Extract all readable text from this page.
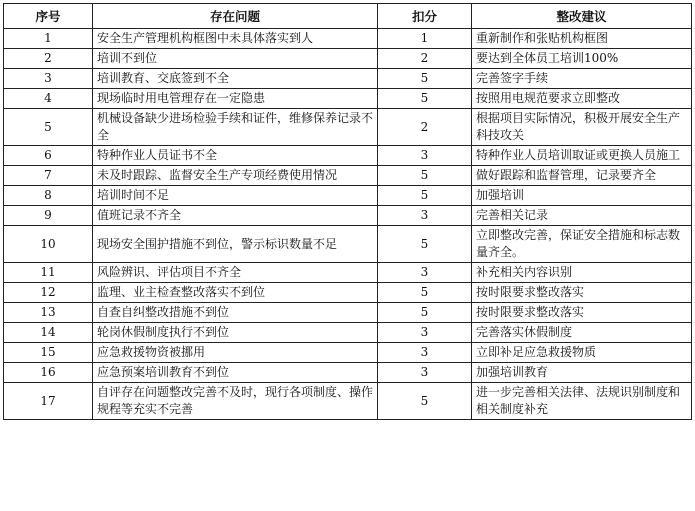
序号	存在问题	扣分	整改建议
1	安全生产管理机构框图中未具体落实到人	1	重新制作和张贴机构框图
2	培训不到位	2	要达到全体员工培训100%
3	培训教育、交底签到不全	5	完善签字手续
4	现场临时用电管理存在一定隐患	5	按照用电规范要求立即整改
5	机械设备缺少进场检验手续和证件，维修保养记录不全	2	根据项目实际情况，积极开展安全生产科技攻关
6	特种作业人员证书不全	3	特种作业人员培训取证或更换人员施工
7	未及时跟踪、监督安全生产专项经费使用情况	5	做好跟踪和监督管理，记录要齐全
8	培训时间不足	5	加强培训
9	值班记录不齐全	3	完善相关记录
10	现场安全围护措施不到位，警示标识数量不足	5	立即整改完善，保证安全措施和标志数量齐全。
11	风险辨识、评估项目不齐全	3	补充相关内容识别
12	监理、业主检查整改落实不到位	5	按时限要求整改落实
13	自查自纠整改措施不到位	5	按时限要求整改落实
14	轮岗休假制度执行不到位	3	完善落实休假制度
15	应急救援物资被挪用	3	立即补足应急救援物质
16	应急预案培训教育不到位	3	加强培训教育
17	自评存在问题整改完善不及时，现行各项制度、操作规程等充实不完善	5	进一步完善相关法律、法规识别制度和相关制度补充
